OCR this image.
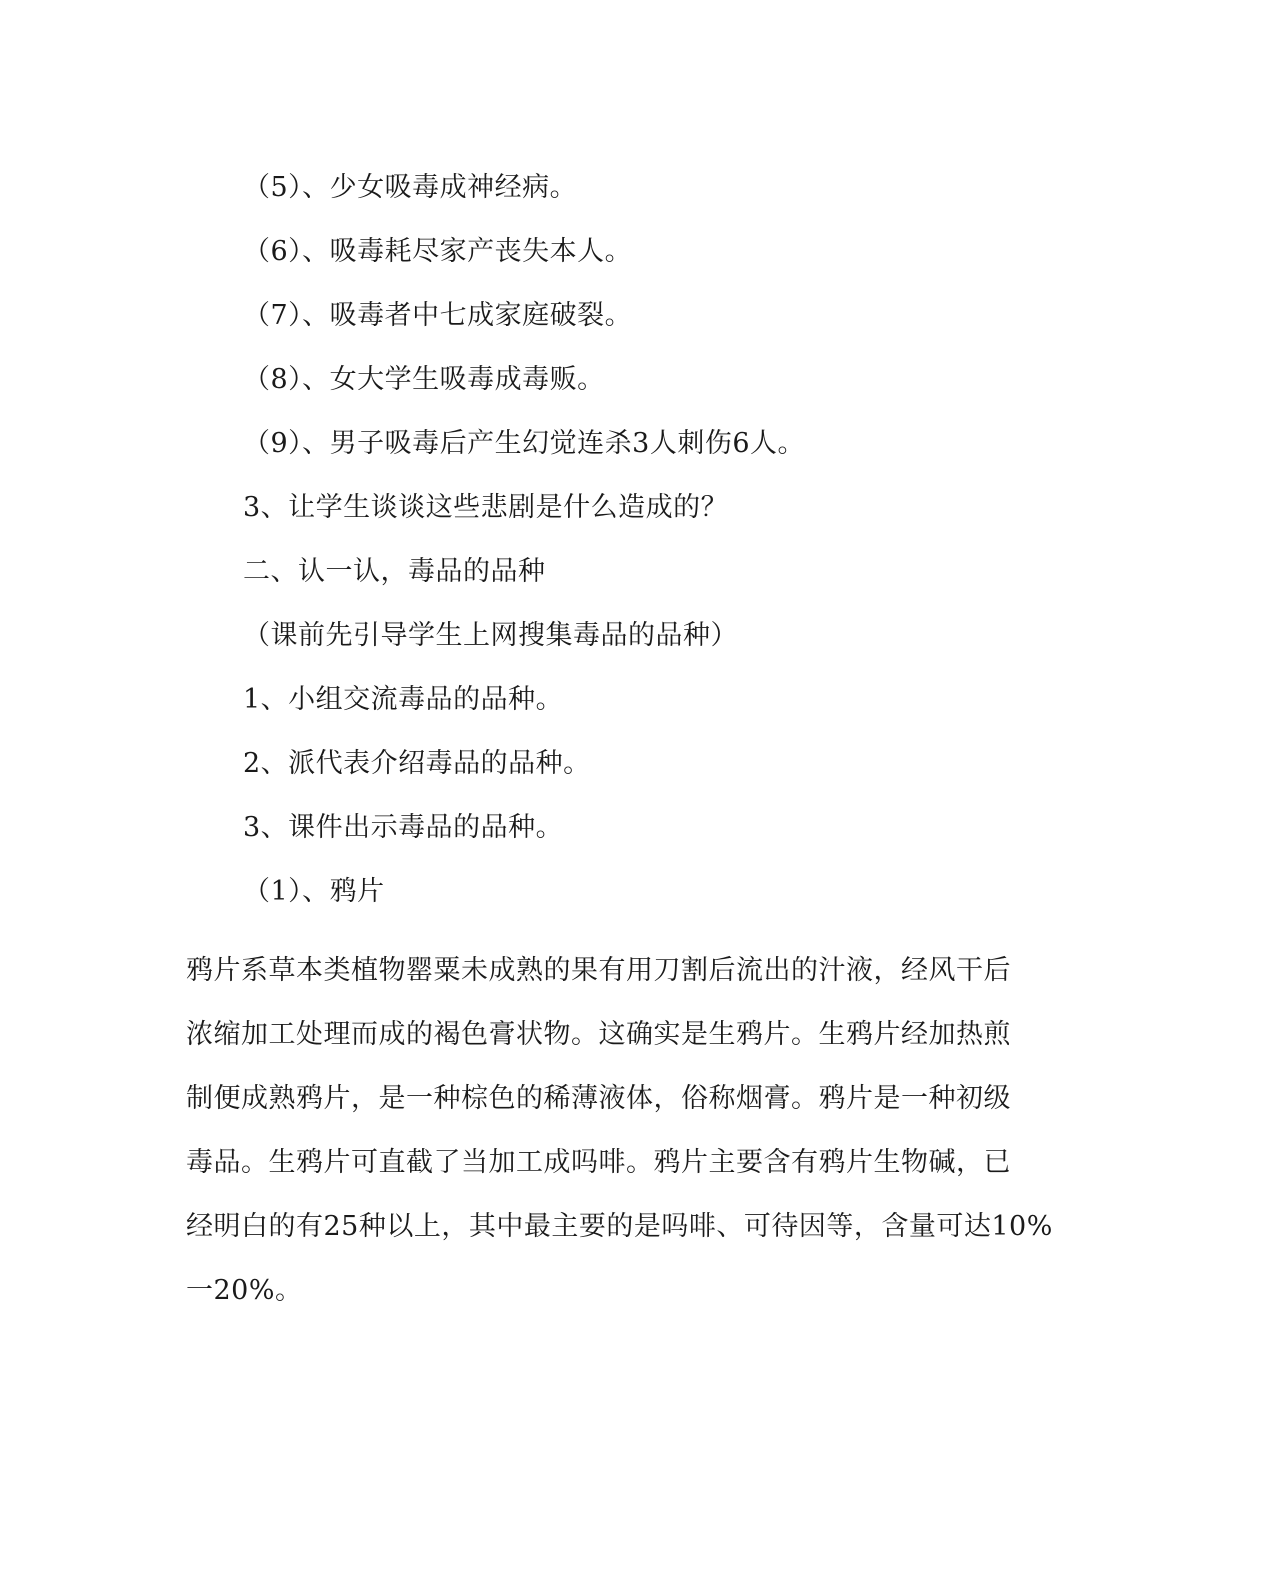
（5）、少女吸毒成神经病。
（6）、吸毒耗尽家产丧失本人。
（7）、吸毒者中七成家庭破裂。
（8）、女大学生吸毒成毒贩。
（9）、男子吸毒后产生幻觉连杀3人刺伤6人。
3、让学生谈谈这些悲剧是什么造成的？
二、认一认，毒品的品种
（课前先引导学生上网搜集毒品的品种）
1、小组交流毒品的品种。
2、派代表介绍毒品的品种。
3、课件出示毒品的品种。
（1）、鸦片
鸦片系草本类植物罂粟未成熟的果有用刀割后流出的汁液，经风干后
浓缩加工处理而成的褐色膏状物。这确实是生鸦片。生鸦片经加热煎
制便成熟鸦片，是一种棕色的稀薄液体，俗称烟膏。鸦片是一种初级
毒品。生鸦片可直截了当加工成吗啡。鸦片主要含有鸦片生物碱，已
经明白的有25种以上，其中最主要的是吗啡、可待因等，含量可达10%
一20%。
